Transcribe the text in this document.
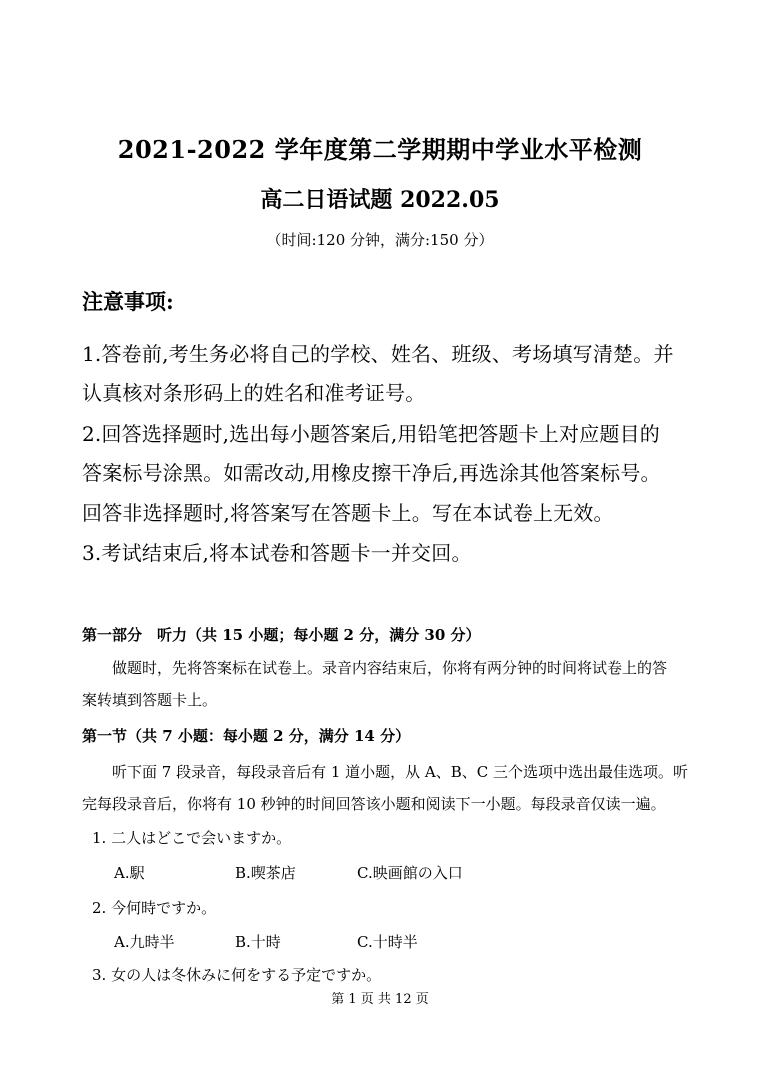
2021-2022 学年度第二学期期中学业水平检测
高二日语试题 2022.05
（时间:120 分钟，满分:150 分）
注意事项:
1.答卷前,考生务必将自己的学校、姓名、班级、考场填写清楚。并
认真核对条形码上的姓名和准考证号。
2.回答选择题时,选出每小题答案后,用铅笔把答题卡上对应题目的
答案标号涂黑。如需改动,用橡皮擦干净后,再选涂其他答案标号。
回答非选择题时,将答案写在答题卡上。写在本试卷上无效。
3.考试结束后,将本试卷和答题卡一并交回。
第一部分　听力（共 15 小题；每小题 2 分，满分 30 分）
　　做题时，先将答案标在试卷上。录音内容结束后，你将有两分钟的时间将试卷上的答
案转填到答题卡上。
第一节（共 7 小题：每小题 2 分，满分 14 分）
　　听下面 7 段录音，每段录音后有 1 道小题，从 A、B、C 三个选项中选出最佳选项。听
完每段录音后，你将有 10 秒钟的时间回答该小题和阅读下一小题。每段录音仅读一遍。
1. 二人はどこで会いますか。
A.駅	B.喫茶店	C.映画館の入口
2. 今何時ですか。
A.九時半	B.十時	C.十時半
3. 女の人は冬休みに何をする予定ですか。
第 1 页 共 12 页
